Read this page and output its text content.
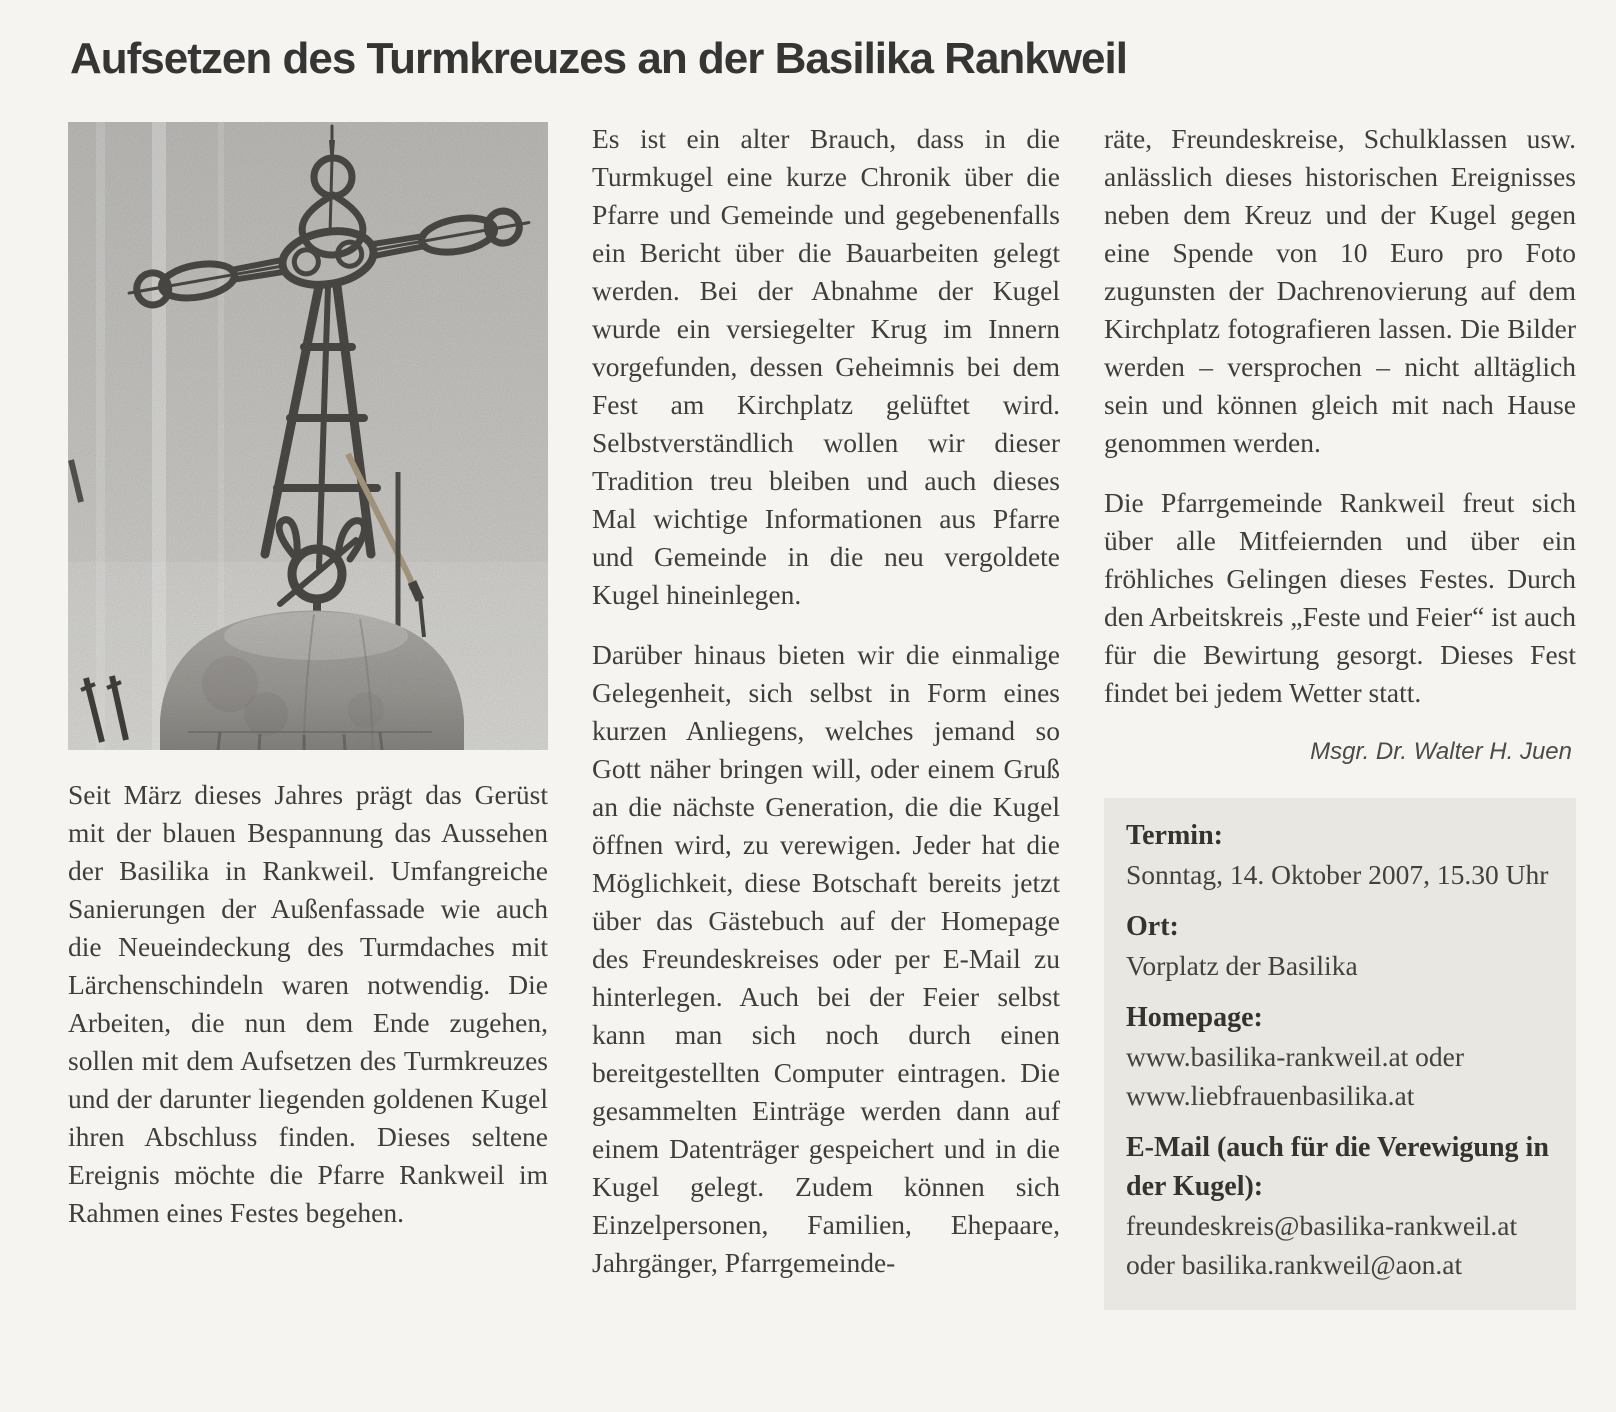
Aufsetzen des Turmkreuzes an der Basilika Rankweil

Seit März dieses Jahres prägt das Gerüst mit der blauen Bespannung das Aussehen der Basilika in Rankweil. Umfangreiche Sanierungen der Außenfassade wie auch die Neueindeckung des Turmdaches mit Lärchenschindeln waren notwendig. Die Arbeiten, die nun dem Ende zugehen, sollen mit dem Aufsetzen des Turmkreuzes und der darunter liegenden goldenen Kugel ihren Abschluss finden. Dieses seltene Ereignis möchte die Pfarre Rankweil im Rahmen eines Festes begehen.

Es ist ein alter Brauch, dass in die Turmkugel eine kurze Chronik über die Pfarre und Gemeinde und gegebenenfalls ein Bericht über die Bauarbeiten gelegt werden. Bei der Abnahme der Kugel wurde ein versiegelter Krug im Innern vorgefunden, dessen Geheimnis bei dem Fest am Kirchplatz gelüftet wird. Selbstverständlich wollen wir dieser Tradition treu bleiben und auch dieses Mal wichtige Informationen aus Pfarre und Gemeinde in die neu vergoldete Kugel hineinlegen.

Darüber hinaus bieten wir die einmalige Gelegenheit, sich selbst in Form eines kurzen Anliegens, welches jemand so Gott näher bringen will, oder einem Gruß an die nächste Generation, die die Kugel öffnen wird, zu verewigen. Jeder hat die Möglichkeit, diese Botschaft bereits jetzt über das Gästebuch auf der Homepage des Freundeskreises oder per E-Mail zu hinterlegen. Auch bei der Feier selbst kann man sich noch durch einen bereitgestellten Computer eintragen. Die gesammelten Einträge werden dann auf einem Datenträger gespeichert und in die Kugel gelegt. Zudem können sich Einzelpersonen, Familien, Ehepaare, Jahrgänger, Pfarrgemeinde-

räte, Freundeskreise, Schulklassen usw. anlässlich dieses historischen Ereignisses neben dem Kreuz und der Kugel gegen eine Spende von 10 Euro pro Foto zugunsten der Dachrenovierung auf dem Kirchplatz fotografieren lassen. Die Bilder werden – versprochen – nicht alltäglich sein und können gleich mit nach Hause genommen werden.

Die Pfarrgemeinde Rankweil freut sich über alle Mitfeiernden und über ein fröhliches Gelingen dieses Festes. Durch den Arbeitskreis „Feste und Feier“ ist auch für die Bewirtung gesorgt. Dieses Fest findet bei jedem Wetter statt.

Msgr. Dr. Walter H. Juen
Termin:
Sonntag, 14. Oktober 2007, 15.30 Uhr
Ort:
Vorplatz der Basilika
Homepage:
www.basilika-rankweil.at oder
www.liebfrauenbasilika.at
E-Mail (auch für die Verewigung in der Kugel):
freundeskreis@basilika-rankweil.at
oder basilika.rankweil@aon.at
